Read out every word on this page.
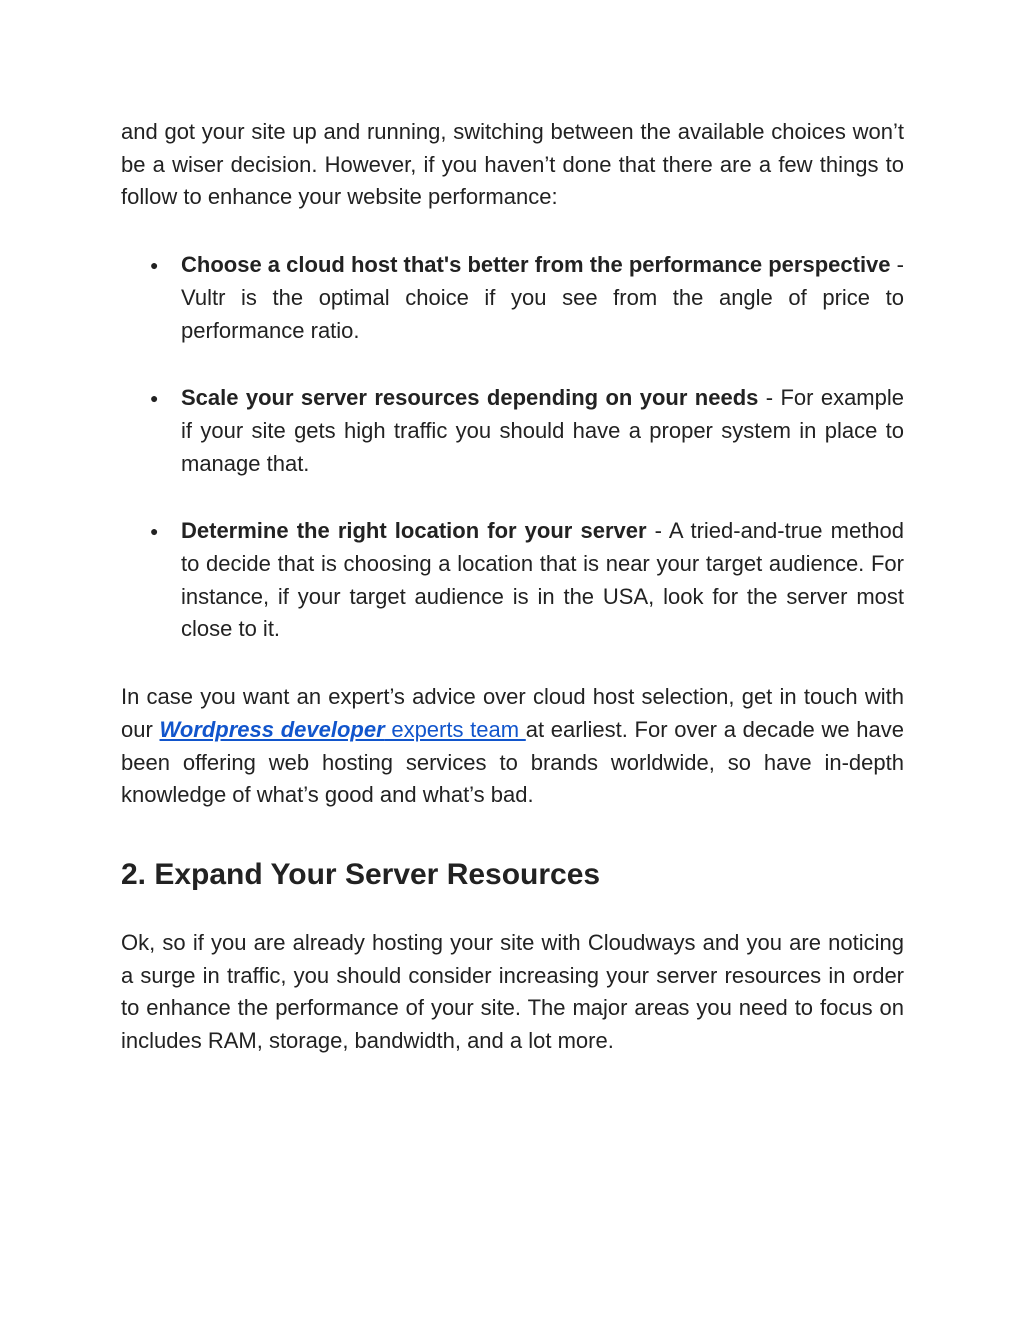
and got your site up and running, switching between the available choices won’t be a wiser decision. However, if you haven’t done that there are a few things to follow to enhance your website performance:

● Choose a cloud host that's better from the performance perspective - Vultr is the optimal choice if you see from the angle of price to performance ratio.
● Scale your server resources depending on your needs - For example if your site gets high traffic you should have a proper system in place to manage that.
● Determine the right location for your server - A tried-and-true method to decide that is choosing a location that is near your target audience. For instance, if your target audience is in the USA, look for the server most close to it.

In case you want an expert’s advice over cloud host selection, get in touch with our Wordpress developer experts team at earliest. For over a decade we have been offering web hosting services to brands worldwide, so have in-depth knowledge of what’s good and what’s bad.

2. Expand Your Server Resources

Ok, so if you are already hosting your site with Cloudways and you are noticing a surge in traffic, you should consider increasing your server resources in order to enhance the performance of your site. The major areas you need to focus on includes RAM, storage, bandwidth, and a lot more.
